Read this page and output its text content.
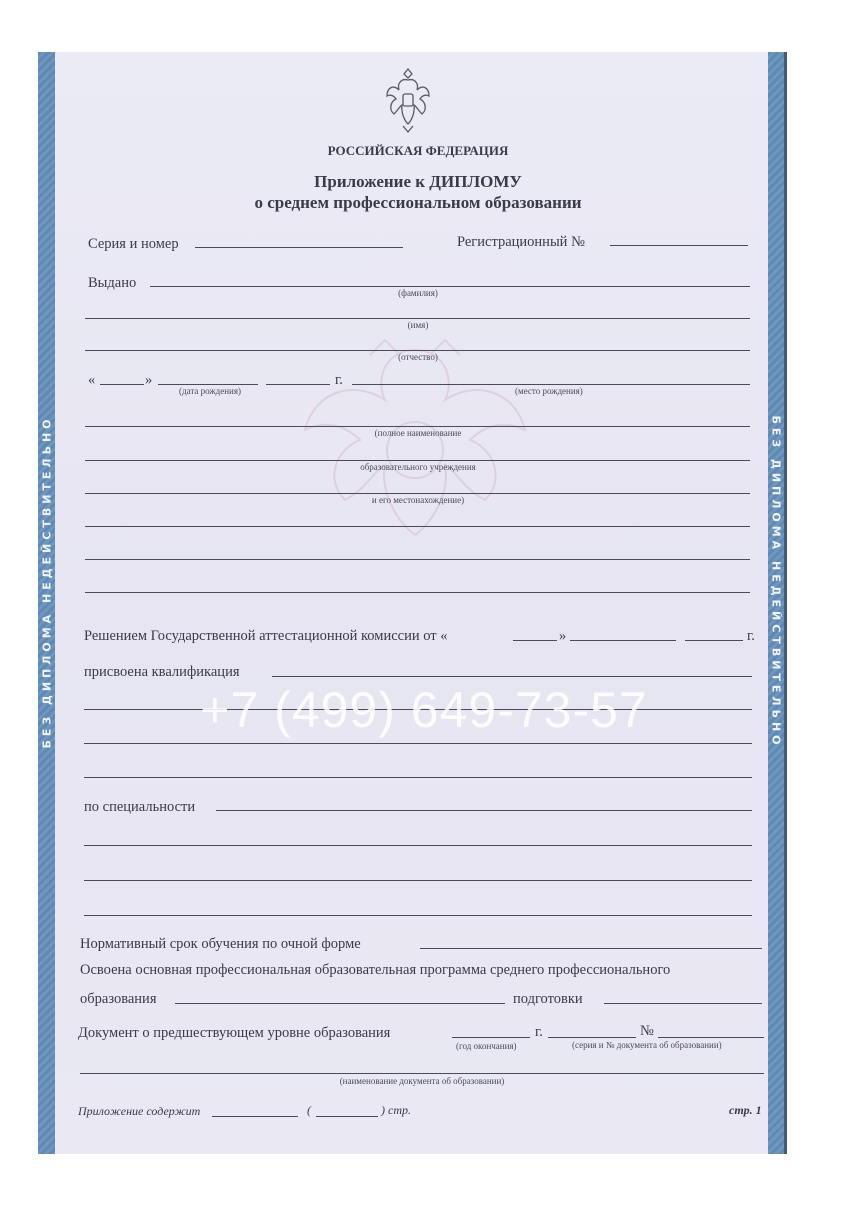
БЕЗ ДИПЛОМА НЕДЕЙСТВИТЕЛЬНО	БЕЗ ДИПЛОМА НЕДЕЙСТВИТЕЛЬНО
РОССИЙСКАЯ ФЕДЕРАЦИЯ
Приложение к ДИПЛОМУ
о среднем профессиональном образовании
Серия и номер	Регистрационный №
Выдано
(фамилия)
(имя)
(отчество)
«	»	г.
(дата рождения)	(место рождения)
(полное наименование
образовательного учреждения
и его местонахождение)
Решением Государственной аттестационной комиссии от «	»	г.
присвоена квалификация
по специальности
Нормативный срок обучения по очной форме
Освоена основная профессиональная образовательная программа среднего профессионального
образования	подготовки
Документ о предшествующем уровне образования	г.	№
(год окончания)	(серия и № документа об образовании)
(наименование документа об образовании)
Приложение содержит	(	) стр.	стр. 1
+7 (499) 649-73-57
